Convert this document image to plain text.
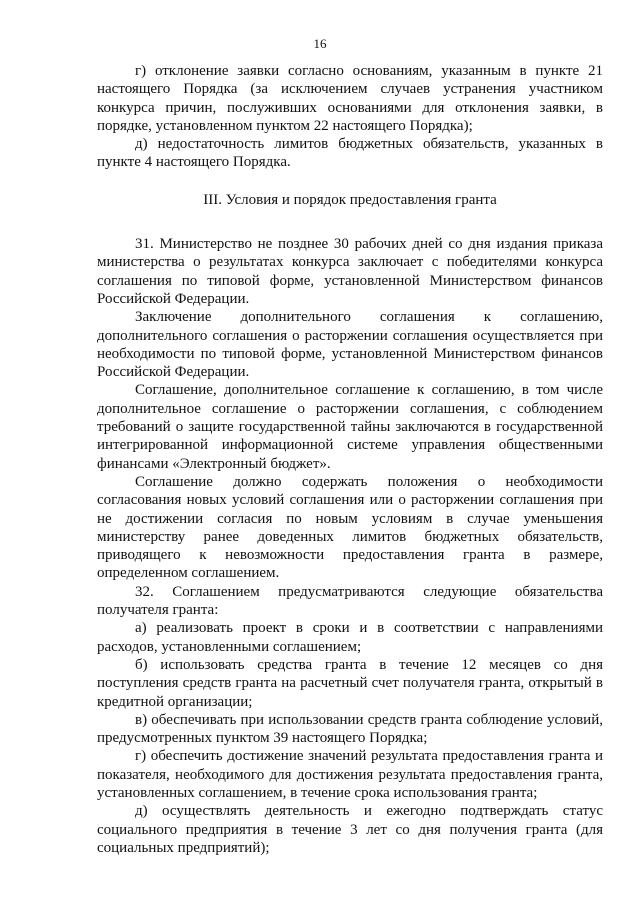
16

г) отклонение заявки согласно основаниям, указанным в пункте 21 настоящего Порядка (за исключением случаев устранения участником конкурса причин, послуживших основаниями для отклонения заявки, в порядке, установленном пунктом 22 настоящего Порядка);

д) недостаточность лимитов бюджетных обязательств, указанных в пункте 4 настоящего Порядка.

III. Условия и порядок предоставления гранта

31. Министерство не позднее 30 рабочих дней со дня издания приказа министерства о результатах конкурса заключает с победителями конкурса соглашения по типовой форме, установленной Министерством финансов Российской Федерации.

Заключение дополнительного соглашения к соглашению, дополнительного соглашения о расторжении соглашения осуществляется при необходимости по типовой форме, установленной Министерством финансов Российской Федерации.

Соглашение, дополнительное соглашение к соглашению, в том числе дополнительное соглашение о расторжении соглашения, с соблюдением требований о защите государственной тайны заключаются в государственной интегрированной информационной системе управления общественными финансами «Электронный бюджет».

Соглашение должно содержать положения о необходимости согласования новых условий соглашения или о расторжении соглашения при не достижении согласия по новым условиям в случае уменьшения министерству ранее доведенных лимитов бюджетных обязательств, приводящего к невозможности предоставления гранта в размере, определенном соглашением.

32. Соглашением предусматриваются следующие обязательства получателя гранта:

а) реализовать проект в сроки и в соответствии с направлениями расходов, установленными соглашением;

б) использовать средства гранта в течение 12 месяцев со дня поступления средств гранта на расчетный счет получателя гранта, открытый в кредитной организации;

в) обеспечивать при использовании средств гранта соблюдение условий, предусмотренных пунктом 39 настоящего Порядка;

г) обеспечить достижение значений результата предоставления гранта и показателя, необходимого для достижения результата предоставления гранта, установленных соглашением, в течение срока использования гранта;

д) осуществлять деятельность и ежегодно подтверждать статус социального предприятия в течение 3 лет со дня получения гранта (для социальных предприятий);
